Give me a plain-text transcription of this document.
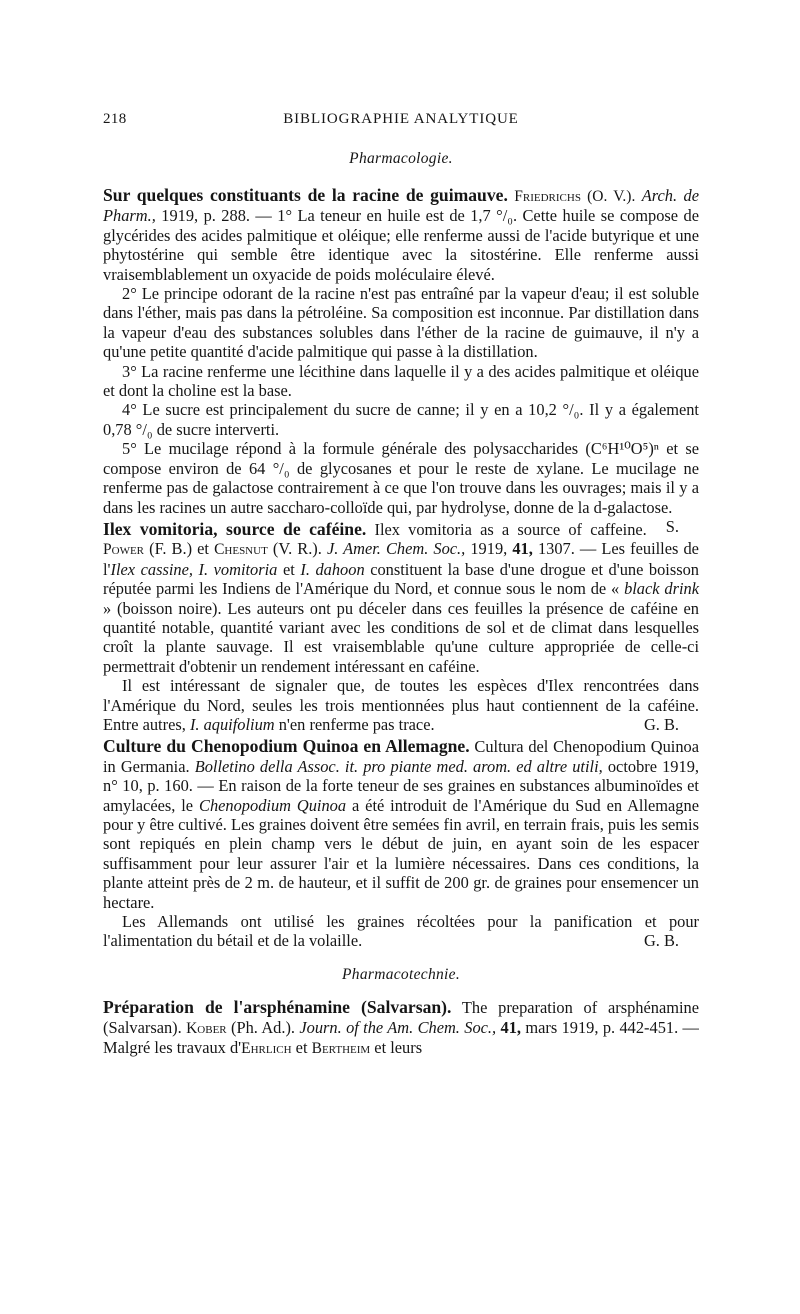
218	BIBLIOGRAPHIE ANALYTIQUE
Pharmacologie.

Sur quelques constituants de la racine de guimauve. Friedrichs (O. V.). Arch. de Pharm., 1919, p. 288. — 1° La teneur en huile est de 1,7 °/₀. Cette huile se compose de glycérides des acides palmitique et oléique; elle renferme aussi de l'acide butyrique et une phytostérine qui semble être identique avec la sitostérine. Elle renferme aussi vraisemblablement un oxyacide de poids moléculaire élevé.

2° Le principe odorant de la racine n'est pas entraîné par la vapeur d'eau; il est soluble dans l'éther, mais pas dans la pétroléine. Sa composition est inconnue. Par distillation dans la vapeur d'eau des substances solubles dans l'éther de la racine de guimauve, il n'y a qu'une petite quantité d'acide palmitique qui passe à la distillation.

3° La racine renferme une lécithine dans laquelle il y a des acides palmitique et oléique et dont la choline est la base.

4° Le sucre est principalement du sucre de canne; il y en a 10,2 °/₀. Il y a également 0,78 °/₀ de sucre interverti.

5° Le mucilage répond à la formule générale des polysaccharides (C⁶H¹⁰O⁵)ⁿ et se compose environ de 64 °/₀ de glycosanes et pour le reste de xylane. Le mucilage ne renferme pas de galactose contrairement à ce que l'on trouve dans les ouvrages; mais il y a dans les racines un autre saccharo-colloïde qui, par hydrolyse, donne de la d-galactose.
S.

Ilex vomitoria, source de caféine. Ilex vomitoria as a source of caffeine. Power (F. B.) et Chesnut (V. R.). J. Amer. Chem. Soc., 1919, 41, 1307. — Les feuilles de l'Ilex cassine, I. vomitoria et I. dahoon constituent la base d'une drogue et d'une boisson réputée parmi les Indiens de l'Amérique du Nord, et connue sous le nom de « black drink » (boisson noire). Les auteurs ont pu déceler dans ces feuilles la présence de caféine en quantité notable, quantité variant avec les conditions de sol et de climat dans lesquelles croît la plante sauvage. Il est vraisemblable qu'une culture appropriée de celle-ci permettrait d'obtenir un rendement intéressant en caféine.

Il est intéressant de signaler que, de toutes les espèces d'Ilex rencontrées dans l'Amérique du Nord, seules les trois mentionnées plus haut contiennent de la caféine. Entre autres, I. aquifolium n'en renferme pas trace.	G. B.

Culture du Chenopodium Quinoa en Allemagne. Cultura del Chenopodium Quinoa in Germania. Bolletino della Assoc. it. pro piante med. arom. ed altre utili, octobre 1919, n° 10, p. 160. — En raison de la forte teneur de ses graines en substances albuminoïdes et amylacées, le Chenopodium Quinoa a été introduit de l'Amérique du Sud en Allemagne pour y être cultivé. Les graines doivent être semées fin avril, en terrain frais, puis les semis sont repiqués en plein champ vers le début de juin, en ayant soin de les espacer suffisamment pour leur assurer l'air et la lumière nécessaires. Dans ces conditions, la plante atteint près de 2 m. de hauteur, et il suffit de 200 gr. de graines pour ensemencer un hectare.

Les Allemands ont utilisé les graines récoltées pour la panification et pour l'alimentation du bétail et de la volaille.	G. B.

Pharmacotechnie.

Préparation de l'arsphénamine (Salvarsan). The preparation of arsphénamine (Salvarsan). Kober (Ph. Ad.). Journ. of the Am. Chem. Soc., 41, mars 1919, p. 442-451. — Malgré les travaux d'Ehrlich et Bertheim et leurs
